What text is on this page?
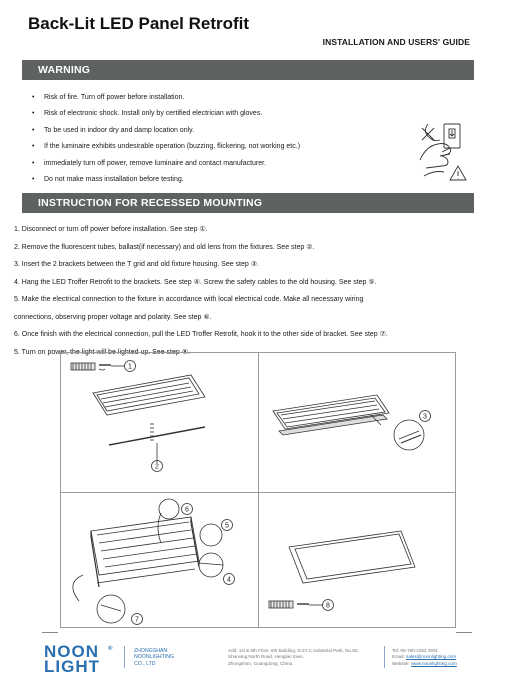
Back-Lit LED Panel Retrofit
INSTALLATION AND USERS' GUIDE
WARNING
• Risk of fire. Turn off power before installation.
• Risk of electronic shock. Install only by certified electrician with gloves.
• To be used in indoor dry and damp location only.
• If the luminaire exhibits undesirable operation (buzzing, flickering, not working etc.)
• immediately turn off power, remove luminaire and contact manufacturer.
• Do not make mass installation before testing.
INSTRUCTION FOR RECESSED MOUNTING

1. Disconnect or turn off power before installation. See step ①.

2. Remove the fluorescent tubes, ballast(if necessary) and old lens from the fixtures. See step ②.

3. Insert the 2 brackets between the T grid and old fixture housing. See step ③.

4. Hang the LED Troffer Retrofit to the brackets. See step ④. Screw the safety cables to the old housing. See step ⑤.

5. Make the electrical connection to the fixture in accordance with local electrical code. Make all necessary wiring

connections, observing proper voltage and polarity. See step ⑥.

6. Once finish with the electrical connection, pull the LED Troffer Retrofit, hook it to the other side of bracket. See step ⑦.

5. Turn on power, the light will be lighted up. See step ⑧.

1
2
3
6
5
4
7
8
NOON
LIGHT
®	ZHONGSHAN
NOONLIGHTING
CO., LTD
Add: 1st & 5th Floor, 6th Building, D.ZY.C Industrial Park, No.80,
Shunxing North Road, Henglan town,
Zhongshan, Guangdong, China.
Tel: 86-760-2253 2901
Email: sales@noonlighting.com
Website: www.noonlighting.com
